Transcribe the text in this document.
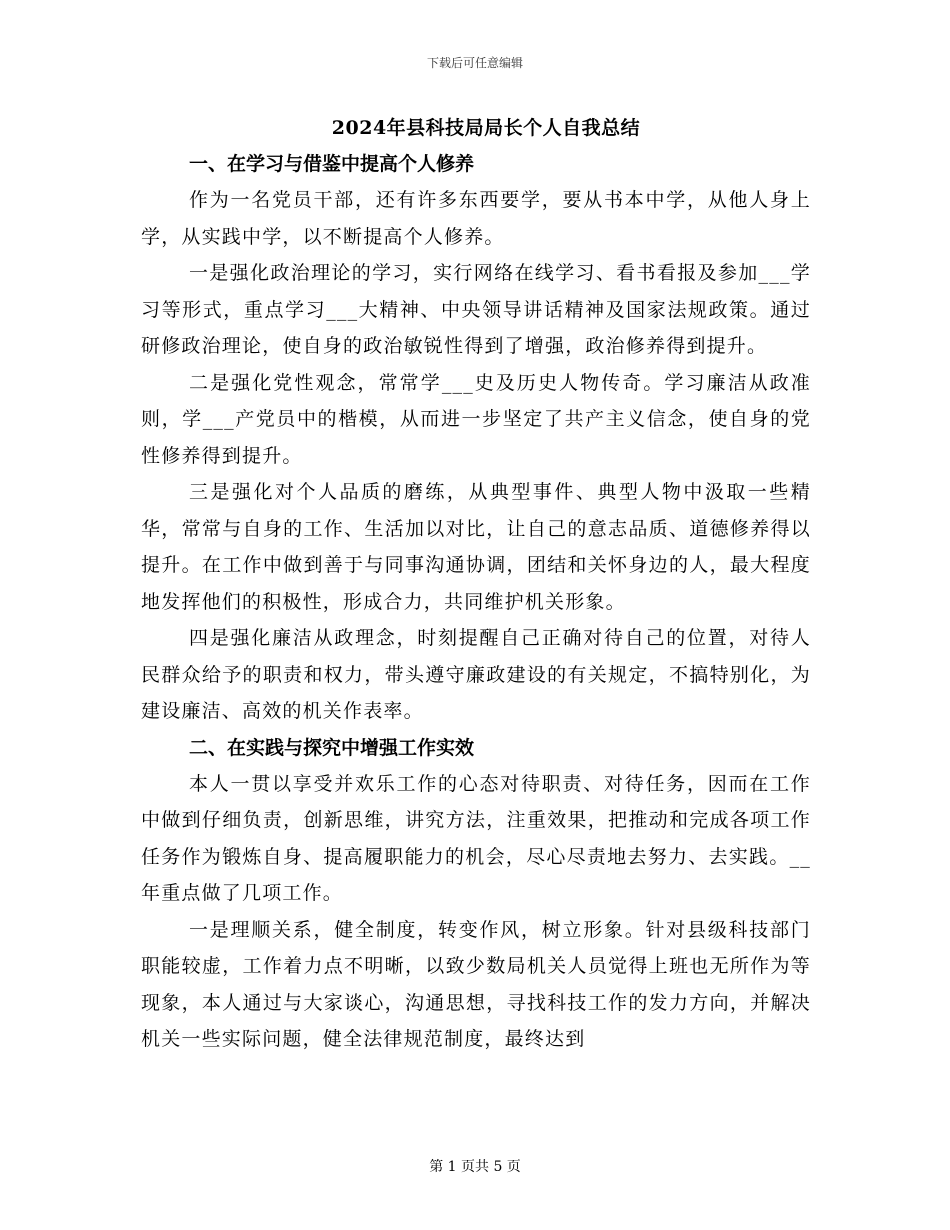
下载后可任意编辑
2024年县科技局局长个人自我总结
一、在学习与借鉴中提高个人修养

作为一名党员干部，还有许多东西要学，要从书本中学，从他人身上学，从实践中学，以不断提高个人修养。

一是强化政治理论的学习，实行网络在线学习、看书看报及参加___学习等形式，重点学习___大精神、中央领导讲话精神及国家法规政策。通过研修政治理论，使自身的政治敏锐性得到了增强，政治修养得到提升。

二是强化党性观念，常常学___史及历史人物传奇。学习廉洁从政准则，学___产党员中的楷模，从而进一步坚定了共产主义信念，使自身的党性修养得到提升。

三是强化对个人品质的磨练，从典型事件、典型人物中汲取一些精华，常常与自身的工作、生活加以对比，让自己的意志品质、道德修养得以提升。在工作中做到善于与同事沟通协调，团结和关怀身边的人，最大程度地发挥他们的积极性，形成合力，共同维护机关形象。

四是强化廉洁从政理念，时刻提醒自己正确对待自己的位置，对待人民群众给予的职责和权力，带头遵守廉政建设的有关规定，不搞特别化，为建设廉洁、高效的机关作表率。

二、在实践与探究中增强工作实效

本人一贯以享受并欢乐工作的心态对待职责、对待任务，因而在工作中做到仔细负责，创新思维，讲究方法，注重效果，把推动和完成各项工作任务作为锻炼自身、提高履职能力的机会，尽心尽责地去努力、去实践。__年重点做了几项工作。

一是理顺关系，健全制度，转变作风，树立形象。针对县级科技部门职能较虚，工作着力点不明晰，以致少数局机关人员觉得上班也无所作为等现象，本人通过与大家谈心，沟通思想，寻找科技工作的发力方向，并解决机关一些实际问题，健全法律规范制度，最终达到

第 1 页共 5 页
